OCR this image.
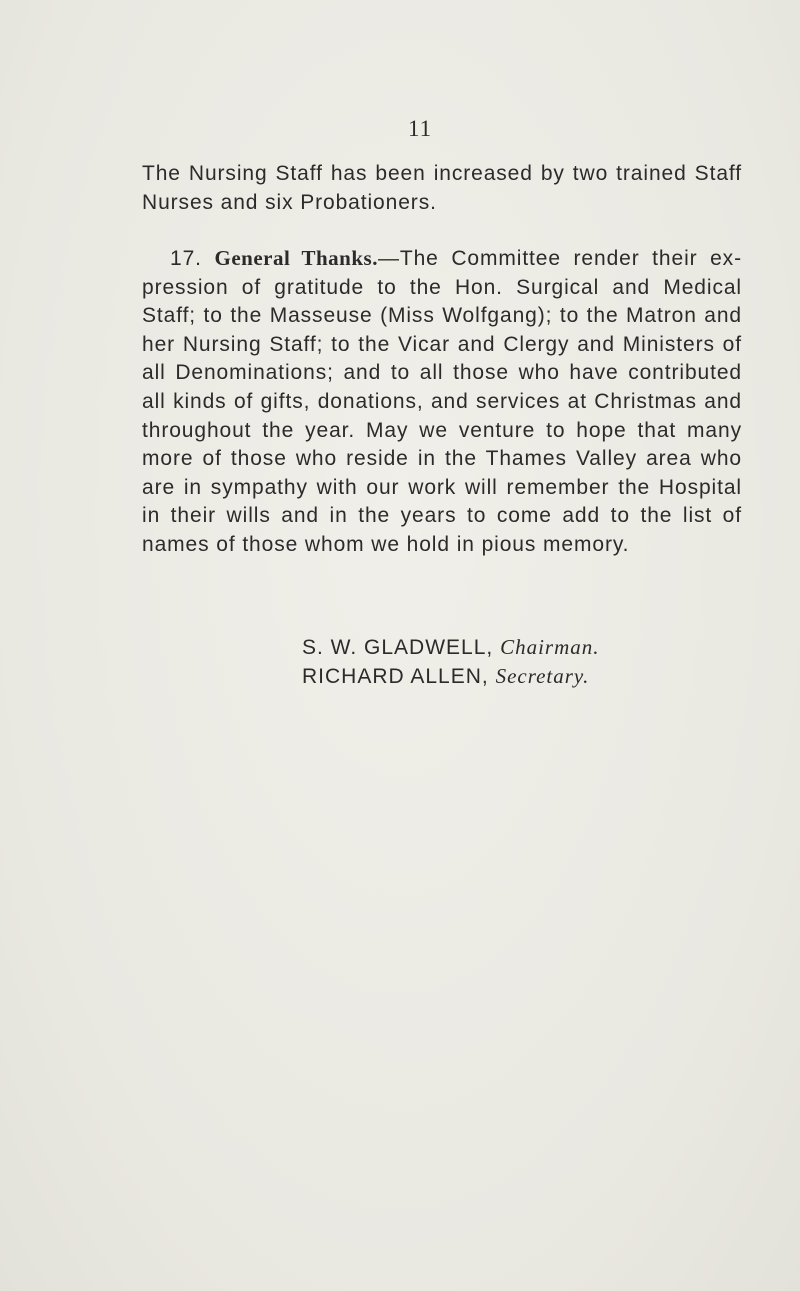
11

The Nursing Staff has been increased by two trained Staff Nurses and six Probationers.

17. General Thanks.—The Committee render their ex- pression of gratitude to the Hon. Surgical and Medical Staff; to the Masseuse (Miss Wolfgang); to the Matron and her Nursing Staff; to the Vicar and Clergy and Ministers of all Denominations; and to all those who have contributed all kinds of gifts, donations, and services at Christmas and throughout the year. May we venture to hope that many more of those who reside in the Thames Valley area who are in sympathy with our work will remember the Hospital in their wills and in the years to come add to the list of names of those whom we hold in pious memory.

S. W. GLADWELL, Chairman.
RICHARD ALLEN, Secretary.
